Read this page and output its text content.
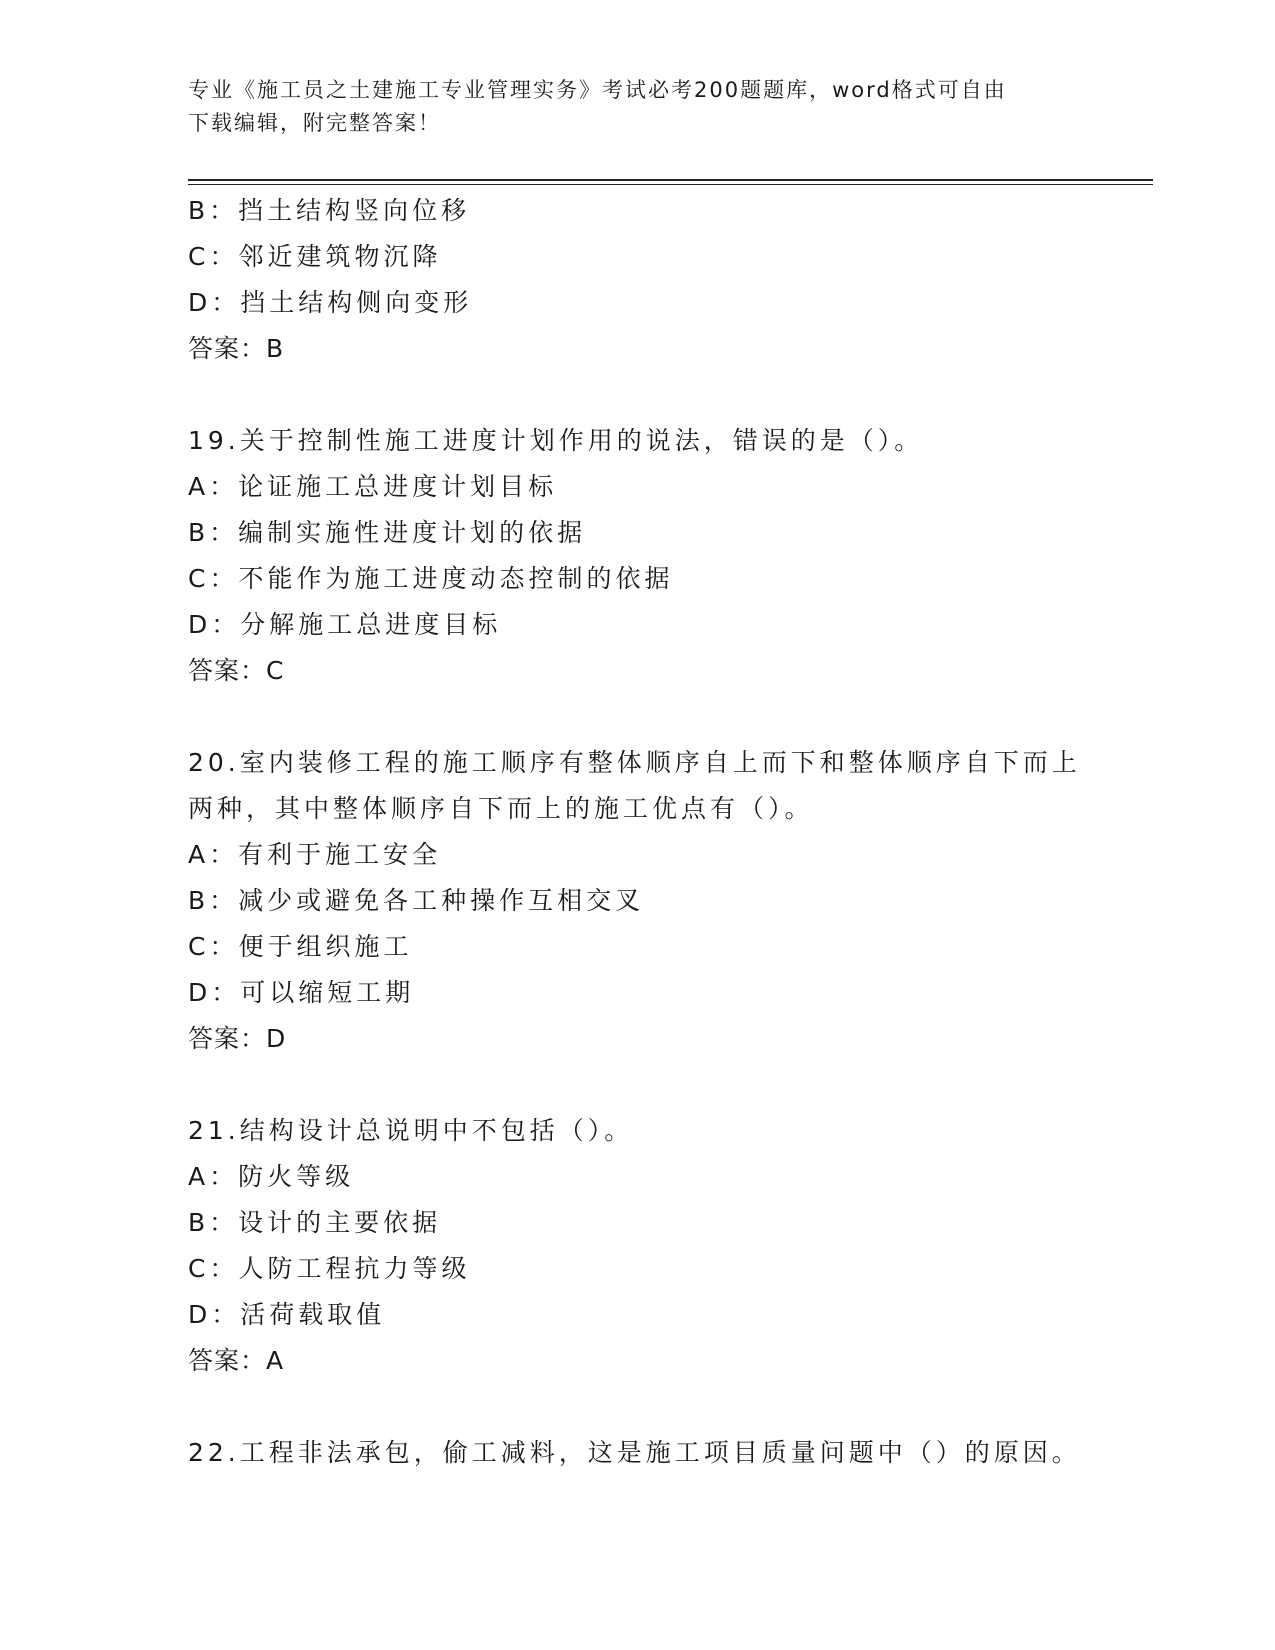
专业《施工员之土建施工专业管理实务》考试必考200题题库，word格式可自由
下载编辑，附完整答案！
B：挡土结构竖向位移
C：邻近建筑物沉降
D：挡土结构侧向变形
答案：B
19.关于控制性施工进度计划作用的说法，错误的是（）。
A：论证施工总进度计划目标
B：编制实施性进度计划的依据
C：不能作为施工进度动态控制的依据
D：分解施工总进度目标
答案：C
20.室内装修工程的施工顺序有整体顺序自上而下和整体顺序自下而上
两种，其中整体顺序自下而上的施工优点有（）。
A：有利于施工安全
B：减少或避免各工种操作互相交叉
C：便于组织施工
D：可以缩短工期
答案：D
21.结构设计总说明中不包括（）。
A：防火等级
B：设计的主要依据
C：人防工程抗力等级
D：活荷载取值
答案：A
22.工程非法承包，偷工减料，这是施工项目质量问题中（）的原因。
